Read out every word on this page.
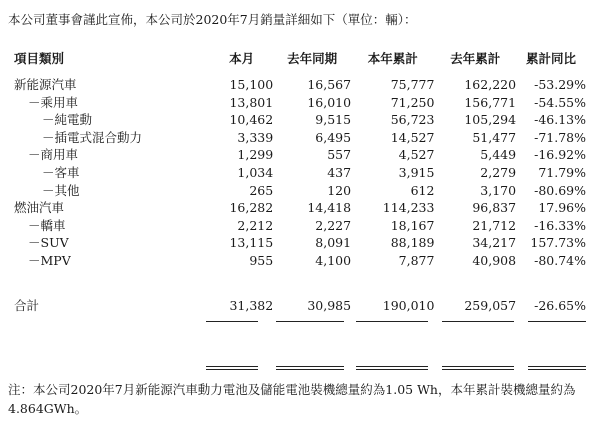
本公司董事會謹此宣佈，本公司於2020年7月銷量詳細如下（單位：輛）：
項目類別	本月	去年同期	本年累計	去年累計	累計同比
新能源汽車	15,100	16,567	75,777	162,220	-53.29%
－乘用車	13,801	16,010	71,250	156,771	-54.55%
－純電動	10,462	9,515	56,723	105,294	-46.13%
－插電式混合動力	3,339	6,495	14,527	51,477	-71.78%
－商用車	1,299	557	4,527	5,449	-16.92%
－客車	1,034	437	3,915	2,279	71.79%
－其他	265	120	612	3,170	-80.69%
燃油汽車	16,282	14,418	114,233	96,837	17.96%
－轎車	2,212	2,227	18,167	21,712	-16.33%
－SUV	13,115	8,091	88,189	34,217	157.73%
－MPV	955	4,100	7,877	40,908	-80.74%

合計	31,382	30,985	190,010	259,057	-26.65%
注：本公司2020年7月新能源汽車動力電池及儲能電池裝機總量約為1.05 Wh，本年累計裝機總量約為4.864GWh。
